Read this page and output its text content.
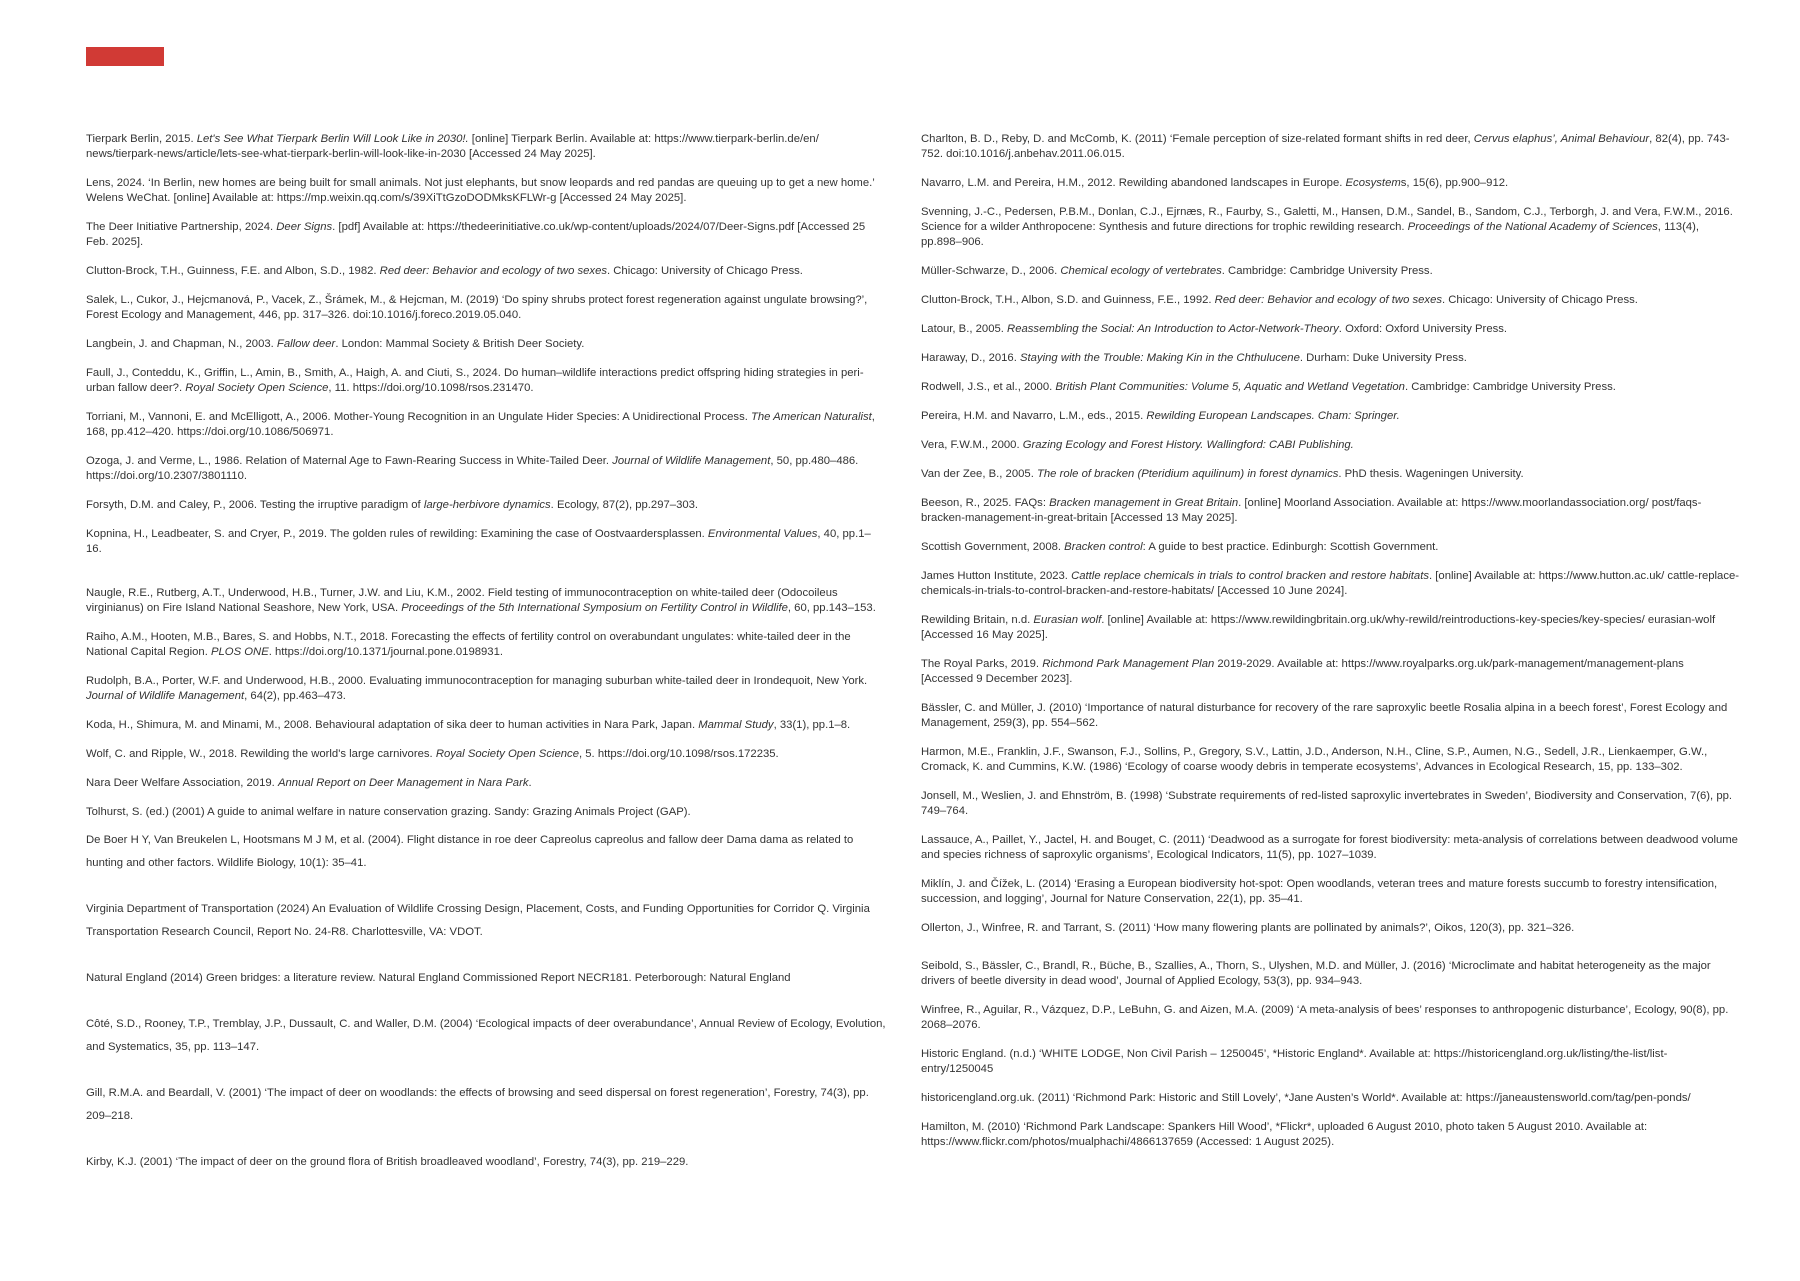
Tierpark Berlin, 2015. Let's See What Tierpark Berlin Will Look Like in 2030!. [online] Tierpark Berlin. Available at: https://www.tierpark-berlin.de/en/ news/tierpark-news/article/lets-see-what-tierpark-berlin-will-look-like-in-2030 [Accessed 24 May 2025].

Lens, 2024. ‘In Berlin, new homes are being built for small animals. Not just elephants, but snow leopards and red pandas are queuing up to get a new home.’ Welens WeChat. [online] Available at: https://mp.weixin.qq.com/s/39XiTtGzoDODMksKFLWr-g [Accessed 24 May 2025].

The Deer Initiative Partnership, 2024. Deer Signs. [pdf] Available at: https://thedeerinitiative.co.uk/wp-content/uploads/2024/07/Deer-Signs.pdf [Accessed 25 Feb. 2025].

Clutton-Brock, T.H., Guinness, F.E. and Albon, S.D., 1982. Red deer: Behavior and ecology of two sexes. Chicago: University of Chicago Press.

Salek, L., Cukor, J., Hejcmanová, P., Vacek, Z., Šrámek, M., & Hejcman, M. (2019) ‘Do spiny shrubs protect forest regeneration against ungulate browsing?’, Forest Ecology and Management, 446, pp. 317–326. doi:10.1016/j.foreco.2019.05.040.

Langbein, J. and Chapman, N., 2003. Fallow deer. London: Mammal Society & British Deer Society.

Faull, J., Conteddu, K., Griffin, L., Amin, B., Smith, A., Haigh, A. and Ciuti, S., 2024. Do human–wildlife interactions predict offspring hiding strategies in peri-urban fallow deer?. Royal Society Open Science, 11. https://doi.org/10.1098/rsos.231470.

Torriani, M., Vannoni, E. and McElligott, A., 2006. Mother-Young Recognition in an Ungulate Hider Species: A Unidirectional Process. The American Naturalist, 168, pp.412–420. https://doi.org/10.1086/506971.

Ozoga, J. and Verme, L., 1986. Relation of Maternal Age to Fawn-Rearing Success in White-Tailed Deer. Journal of Wildlife Management, 50, pp.480–486. https://doi.org/10.2307/3801110.

Forsyth, D.M. and Caley, P., 2006. Testing the irruptive paradigm of large-herbivore dynamics. Ecology, 87(2), pp.297–303.

Kopnina, H., Leadbeater, S. and Cryer, P., 2019. The golden rules of rewilding: Examining the case of Oostvaardersplassen. Environmental Values, 40, pp.1–16.

Naugle, R.E., Rutberg, A.T., Underwood, H.B., Turner, J.W. and Liu, K.M., 2002. Field testing of immunocontraception on white-tailed deer (Odocoileus virginianus) on Fire Island National Seashore, New York, USA. Proceedings of the 5th International Symposium on Fertility Control in Wildlife, 60, pp.143–153.

Raiho, A.M., Hooten, M.B., Bares, S. and Hobbs, N.T., 2018. Forecasting the effects of fertility control on overabundant ungulates: white-tailed deer in the National Capital Region. PLOS ONE. https://doi.org/10.1371/journal.pone.0198931.

Rudolph, B.A., Porter, W.F. and Underwood, H.B., 2000. Evaluating immunocontraception for managing suburban white-tailed deer in Irondequoit, New York. Journal of Wildlife Management, 64(2), pp.463–473.

Koda, H., Shimura, M. and Minami, M., 2008. Behavioural adaptation of sika deer to human activities in Nara Park, Japan. Mammal Study, 33(1), pp.1–8.

Wolf, C. and Ripple, W., 2018. Rewilding the world's large carnivores. Royal Society Open Science, 5. https://doi.org/10.1098/rsos.172235.

Nara Deer Welfare Association, 2019. Annual Report on Deer Management in Nara Park.

Tolhurst, S. (ed.) (2001) A guide to animal welfare in nature conservation grazing. Sandy: Grazing Animals Project (GAP).

De Boer H Y, Van Breukelen L, Hootsmans M J M, et al. (2004). Flight distance in roe deer Capreolus capreolus and fallow deer Dama dama as related to hunting and other factors. Wildlife Biology, 10(1): 35–41.

Virginia Department of Transportation (2024) An Evaluation of Wildlife Crossing Design, Placement, Costs, and Funding Opportunities for Corridor Q. Virginia Transportation Research Council, Report No. 24-R8. Charlottesville, VA: VDOT.

Natural England (2014) Green bridges: a literature review. Natural England Commissioned Report NECR181. Peterborough: Natural England

Côté, S.D., Rooney, T.P., Tremblay, J.P., Dussault, C. and Waller, D.M. (2004) ‘Ecological impacts of deer overabundance’, Annual Review of Ecology, Evolution, and Systematics, 35, pp. 113–147.

Gill, R.M.A. and Beardall, V. (2001) ‘The impact of deer on woodlands: the effects of browsing and seed dispersal on forest regeneration’, Forestry, 74(3), pp. 209–218.

Kirby, K.J. (2001) ‘The impact of deer on the ground flora of British broadleaved woodland’, Forestry, 74(3), pp. 219–229.

Charlton, B. D., Reby, D. and McComb, K. (2011) ‘Female perception of size-related formant shifts in red deer, Cervus elaphus’, Animal Behaviour, 82(4), pp. 743-752. doi:10.1016/j.anbehav.2011.06.015.

Navarro, L.M. and Pereira, H.M., 2012. Rewilding abandoned landscapes in Europe. Ecosystems, 15(6), pp.900–912.

Svenning, J.-C., Pedersen, P.B.M., Donlan, C.J., Ejrnæs, R., Faurby, S., Galetti, M., Hansen, D.M., Sandel, B., Sandom, C.J., Terborgh, J. and Vera, F.W.M., 2016. Science for a wilder Anthropocene: Synthesis and future directions for trophic rewilding research. Proceedings of the National Academy of Sciences, 113(4), pp.898–906.

Müller-Schwarze, D., 2006. Chemical ecology of vertebrates. Cambridge: Cambridge University Press.

Clutton-Brock, T.H., Albon, S.D. and Guinness, F.E., 1992. Red deer: Behavior and ecology of two sexes. Chicago: University of Chicago Press.

Latour, B., 2005. Reassembling the Social: An Introduction to Actor-Network-Theory. Oxford: Oxford University Press.

Haraway, D., 2016. Staying with the Trouble: Making Kin in the Chthulucene. Durham: Duke University Press.

Rodwell, J.S., et al., 2000. British Plant Communities: Volume 5, Aquatic and Wetland Vegetation. Cambridge: Cambridge University Press.

Pereira, H.M. and Navarro, L.M., eds., 2015. Rewilding European Landscapes. Cham: Springer.

Vera, F.W.M., 2000. Grazing Ecology and Forest History. Wallingford: CABI Publishing.

Van der Zee, B., 2005. The role of bracken (Pteridium aquilinum) in forest dynamics. PhD thesis. Wageningen University.

Beeson, R., 2025. FAQs: Bracken management in Great Britain. [online] Moorland Association. Available at: https://www.moorlandassociation.org/ post/faqs-bracken-management-in-great-britain [Accessed 13 May 2025].

Scottish Government, 2008. Bracken control: A guide to best practice. Edinburgh: Scottish Government.

James Hutton Institute, 2023. Cattle replace chemicals in trials to control bracken and restore habitats. [online] Available at: https://www.hutton.ac.uk/ cattle-replace-chemicals-in-trials-to-control-bracken-and-restore-habitats/ [Accessed 10 June 2024].

Rewilding Britain, n.d. Eurasian wolf. [online] Available at: https://www.rewildingbritain.org.uk/why-rewild/reintroductions-key-species/key-species/ eurasian-wolf [Accessed 16 May 2025].

The Royal Parks, 2019. Richmond Park Management Plan 2019-2029. Available at: https://www.royalparks.org.uk/park-management/management-plans [Accessed 9 December 2023].

Bässler, C. and Müller, J. (2010) ‘Importance of natural disturbance for recovery of the rare saproxylic beetle Rosalia alpina in a beech forest’, Forest Ecology and Management, 259(3), pp. 554–562.

Harmon, M.E., Franklin, J.F., Swanson, F.J., Sollins, P., Gregory, S.V., Lattin, J.D., Anderson, N.H., Cline, S.P., Aumen, N.G., Sedell, J.R., Lienkaemper, G.W., Cromack, K. and Cummins, K.W. (1986) ‘Ecology of coarse woody debris in temperate ecosystems’, Advances in Ecological Research, 15, pp. 133–302.

Jonsell, M., Weslien, J. and Ehnström, B. (1998) ‘Substrate requirements of red-listed saproxylic invertebrates in Sweden’, Biodiversity and Conservation, 7(6), pp. 749–764.

Lassauce, A., Paillet, Y., Jactel, H. and Bouget, C. (2011) ‘Deadwood as a surrogate for forest biodiversity: meta-analysis of correlations between deadwood volume and species richness of saproxylic organisms’, Ecological Indicators, 11(5), pp. 1027–1039.

Miklín, J. and Čížek, L. (2014) ‘Erasing a European biodiversity hot-spot: Open woodlands, veteran trees and mature forests succumb to forestry intensification, succession, and logging’, Journal for Nature Conservation, 22(1), pp. 35–41.

Ollerton, J., Winfree, R. and Tarrant, S. (2011) ‘How many flowering plants are pollinated by animals?’, Oikos, 120(3), pp. 321–326.

Seibold, S., Bässler, C., Brandl, R., Büche, B., Szallies, A., Thorn, S., Ulyshen, M.D. and Müller, J. (2016) ‘Microclimate and habitat heterogeneity as the major drivers of beetle diversity in dead wood’, Journal of Applied Ecology, 53(3), pp. 934–943.

Winfree, R., Aguilar, R., Vázquez, D.P., LeBuhn, G. and Aizen, M.A. (2009) ‘A meta-analysis of bees’ responses to anthropogenic disturbance’, Ecology, 90(8), pp. 2068–2076.

Historic England. (n.d.) ‘WHITE LODGE, Non Civil Parish – 1250045’, *Historic England*. Available at: https://historicengland.org.uk/listing/the-list/list-entry/1250045

historicengland.org.uk. (2011) ‘Richmond Park: Historic and Still Lovely’, *Jane Austen’s World*. Available at: https://janeaustensworld.com/tag/pen-ponds/

Hamilton, M. (2010) ‘Richmond Park Landscape: Spankers Hill Wood’, *Flickr*, uploaded 6 August 2010, photo taken 5 August 2010. Available at: https://www.flickr.com/photos/mualphachi/4866137659 (Accessed: 1 August 2025).
